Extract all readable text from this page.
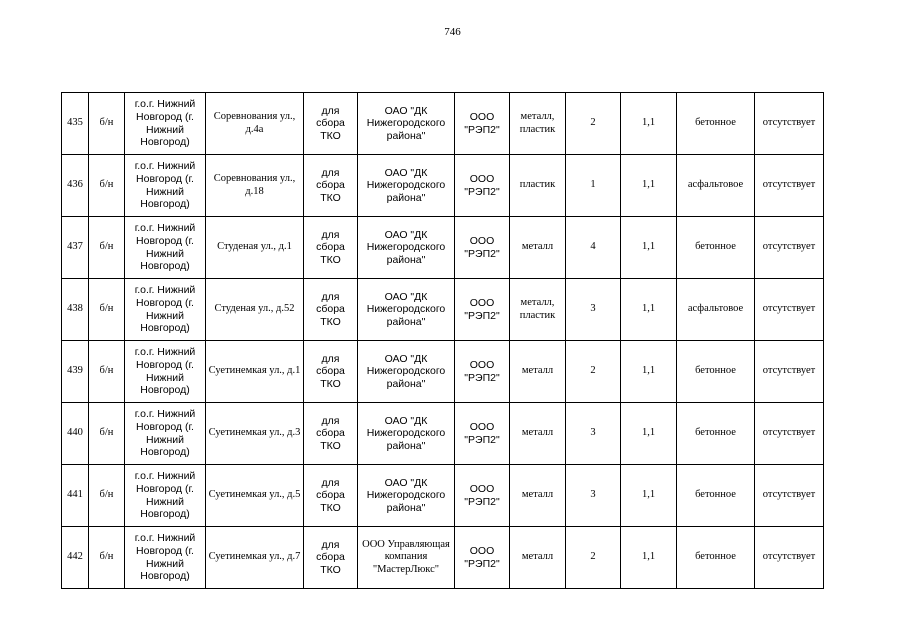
746
435	б/н	г.о.г. Нижний Новгород (г. Нижний Новгород)	Соревнования ул., д.4а	для сбора ТКО	ОАО "ДК Нижегородского района"	ООО "РЭП2"	металл, пластик	2	1,1	бетонное	отсутствует
436	б/н	г.о.г. Нижний Новгород (г. Нижний Новгород)	Соревнования ул., д.18	для сбора ТКО	ОАО "ДК Нижегородского района"	ООО "РЭП2"	пластик	1	1,1	асфальтовое	отсутствует
437	б/н	г.о.г. Нижний Новгород (г. Нижний Новгород)	Студеная ул., д.1	для сбора ТКО	ОАО "ДК Нижегородского района"	ООО "РЭП2"	металл	4	1,1	бетонное	отсутствует
438	б/н	г.о.г. Нижний Новгород (г. Нижний Новгород)	Студеная ул., д.52	для сбора ТКО	ОАО "ДК Нижегородского района"	ООО "РЭП2"	металл, пластик	3	1,1	асфальтовое	отсутствует
439	б/н	г.о.г. Нижний Новгород (г. Нижний Новгород)	Суетинемкая ул., д.1	для сбора ТКО	ОАО "ДК Нижегородского района"	ООО "РЭП2"	металл	2	1,1	бетонное	отсутствует
440	б/н	г.о.г. Нижний Новгород (г. Нижний Новгород)	Суетинемкая ул., д.3	для сбора ТКО	ОАО "ДК Нижегородского района"	ООО "РЭП2"	металл	3	1,1	бетонное	отсутствует
441	б/н	г.о.г. Нижний Новгород (г. Нижний Новгород)	Суетинемкая ул., д.5	для сбора ТКО	ОАО "ДК Нижегородского района"	ООО "РЭП2"	металл	3	1,1	бетонное	отсутствует
442	б/н	г.о.г. Нижний Новгород (г. Нижний Новгород)	Суетинемкая ул., д.7	для сбора ТКО	ООО Управляющая компания "МастерЛюкс"	ООО "РЭП2"	металл	2	1,1	бетонное	отсутствует
